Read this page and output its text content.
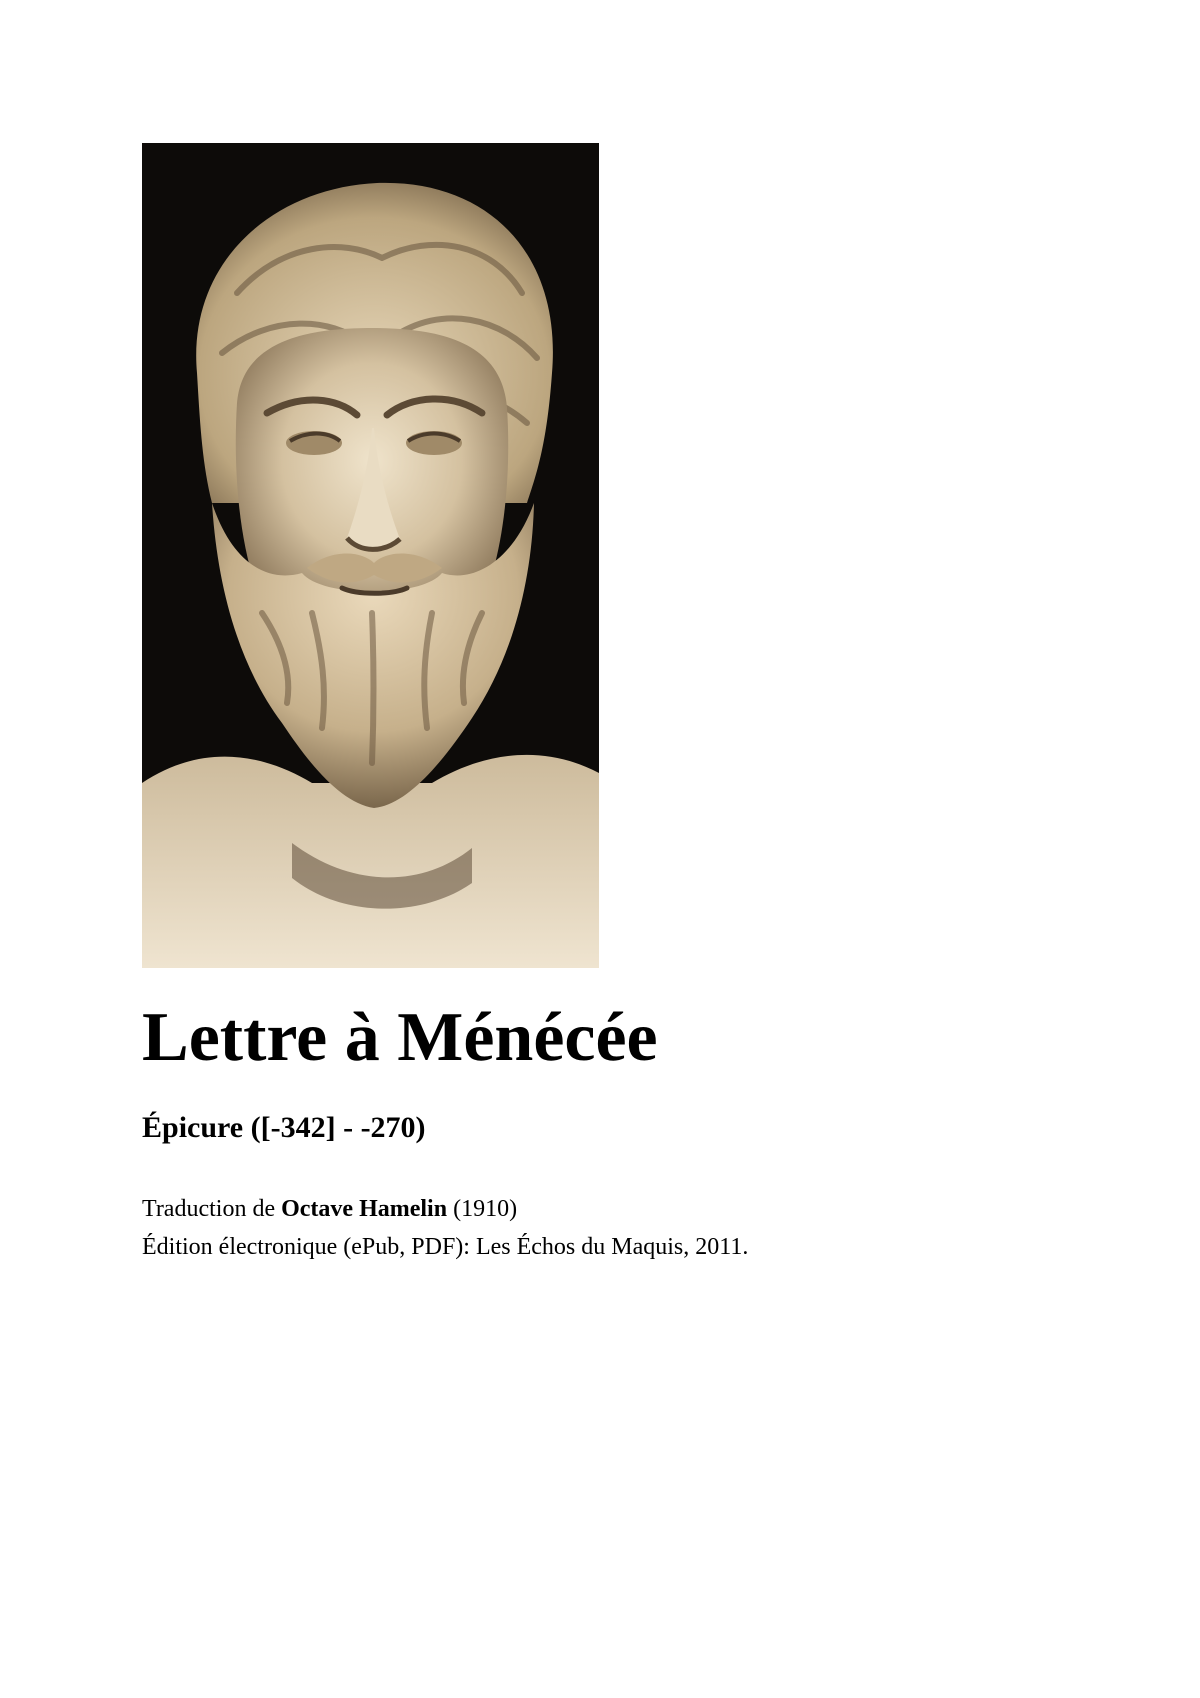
Lettre à Ménécée
Épicure ([-342] - -270)

Traduction de Octave Hamelin (1910)

Édition électronique (ePub, PDF): Les Échos du Maquis, 2011.
